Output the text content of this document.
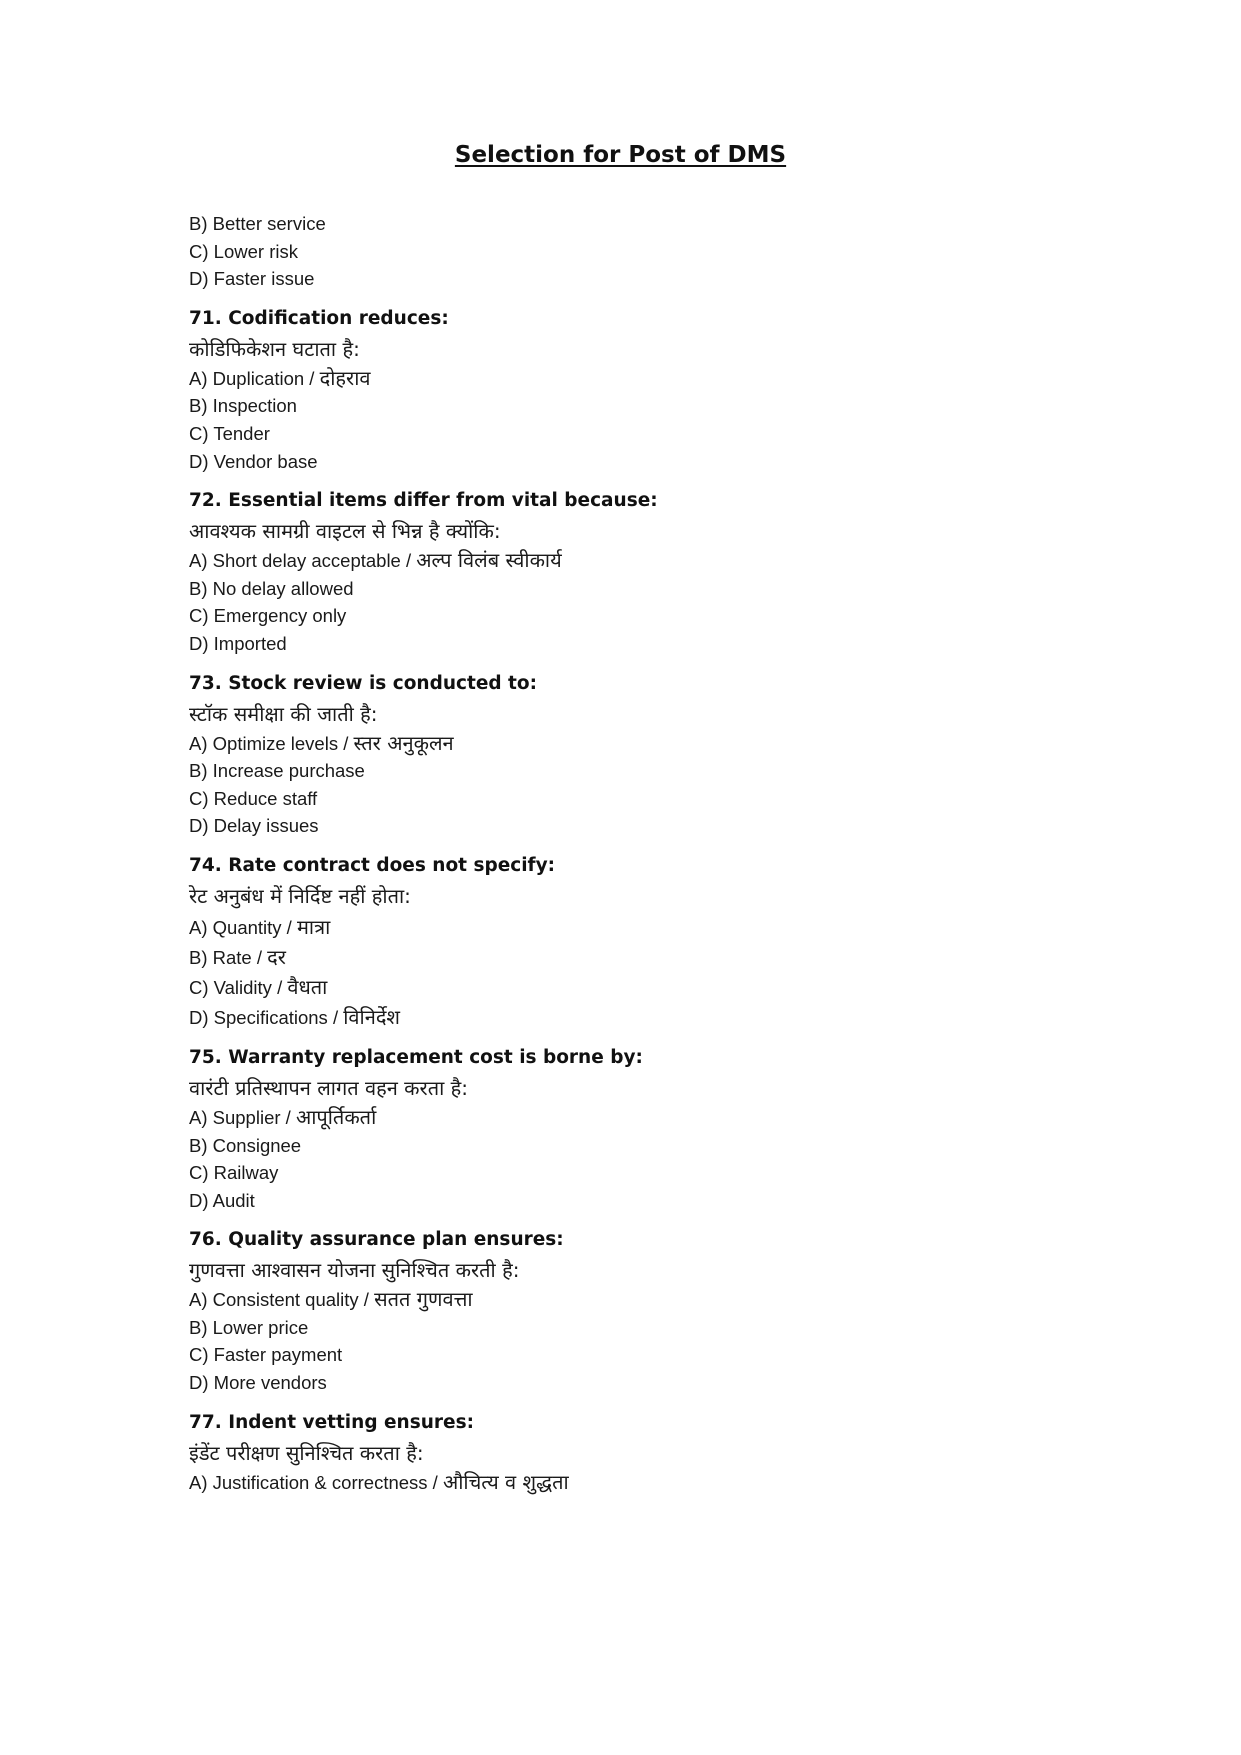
Selection for Post of DMS
B) Better service
C) Lower risk
D) Faster issue
71. Codification reduces:
कोडिफिकेशन घटाता है:
A) Duplication / दोहराव
B) Inspection
C) Tender
D) Vendor base
72. Essential items differ from vital because:
आवश्यक सामग्री वाइटल से भिन्न है क्योंकि:
A) Short delay acceptable / अल्प विलंब स्वीकार्य
B) No delay allowed
C) Emergency only
D) Imported
73. Stock review is conducted to:
स्टॉक समीक्षा की जाती है:
A) Optimize levels / स्तर अनुकूलन
B) Increase purchase
C) Reduce staff
D) Delay issues
74. Rate contract does not specify:
रेट अनुबंध में निर्दिष्ट नहीं होता:
A) Quantity / मात्रा
B) Rate / दर
C) Validity / वैधता
D) Specifications / विनिर्देश
75. Warranty replacement cost is borne by:
वारंटी प्रतिस्थापन लागत वहन करता है:
A) Supplier / आपूर्तिकर्ता
B) Consignee
C) Railway
D) Audit
76. Quality assurance plan ensures:
गुणवत्ता आश्वासन योजना सुनिश्चित करती है:
A) Consistent quality / सतत गुणवत्ता
B) Lower price
C) Faster payment
D) More vendors
77. Indent vetting ensures:
इंडेंट परीक्षण सुनिश्चित करता है:
A) Justification & correctness / औचित्य व शुद्धता
